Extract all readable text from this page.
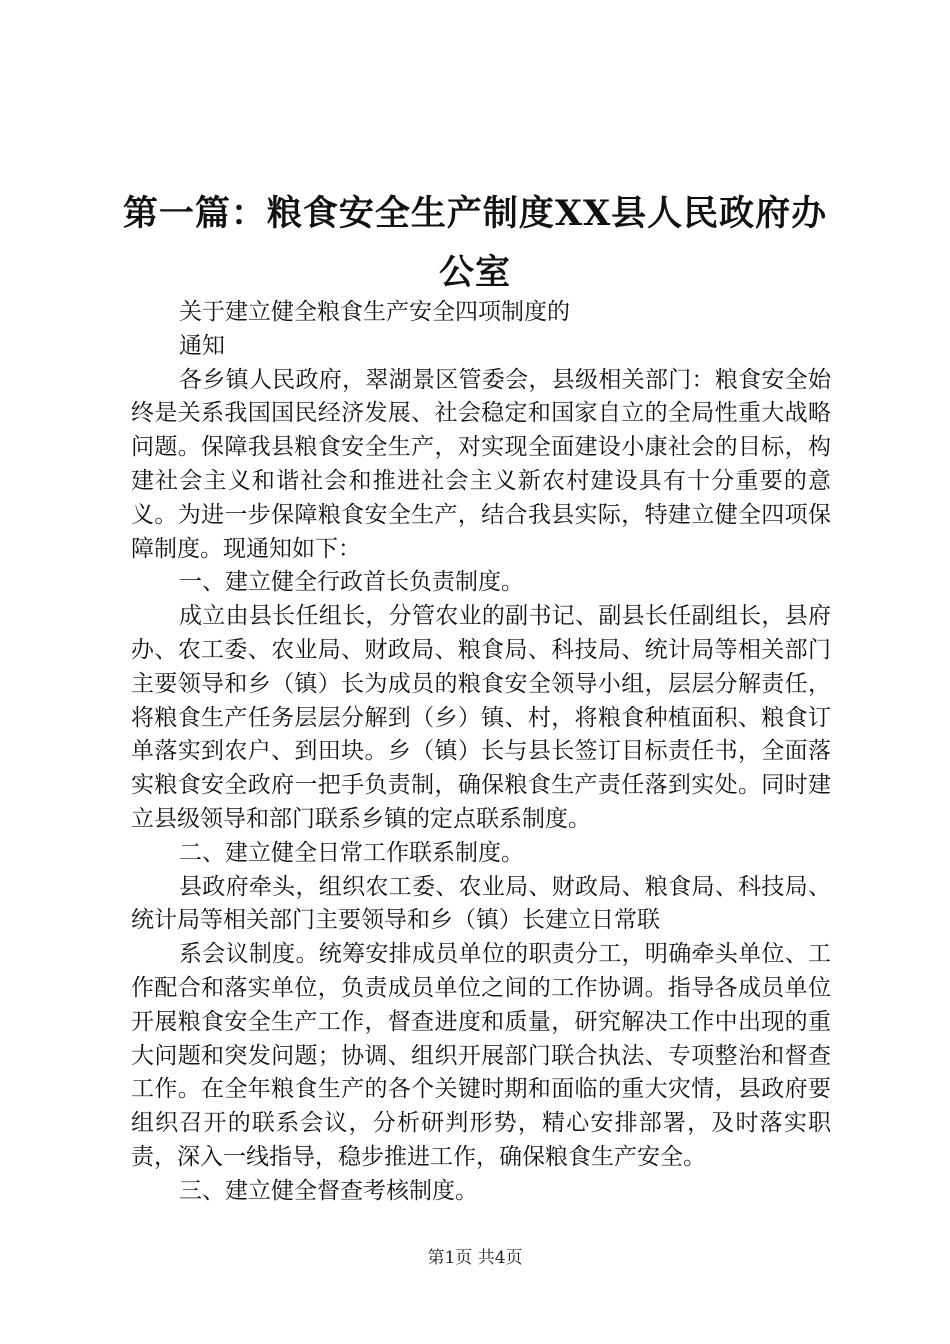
第一篇：粮食安全生产制度XX县人民政府办
公室

关于建立健全粮食生产安全四项制度的

通知

各乡镇人民政府，翠湖景区管委会，县级相关部门：粮食安全始终是关系我国国民经济发展、社会稳定和国家自立的全局性重大战略问题。保障我县粮食安全生产，对实现全面建设小康社会的目标，构建社会主义和谐社会和推进社会主义新农村建设具有十分重要的意义。为进一步保障粮食安全生产，结合我县实际，特建立健全四项保障制度。现通知如下：

一、建立健全行政首长负责制度。

成立由县长任组长，分管农业的副书记、副县长任副组长，县府办、农工委、农业局、财政局、粮食局、科技局、统计局等相关部门主要领导和乡（镇）长为成员的粮食安全领导小组，层层分解责任，将粮食生产任务层层分解到（乡）镇、村，将粮食种植面积、粮食订单落实到农户、到田块。乡（镇）长与县长签订目标责任书，全面落实粮食安全政府一把手负责制，确保粮食生产责任落到实处。同时建立县级领导和部门联系乡镇的定点联系制度。

二、建立健全日常工作联系制度。

县政府牵头，组织农工委、农业局、财政局、粮食局、科技局、统计局等相关部门主要领导和乡（镇）长建立日常联

系会议制度。统筹安排成员单位的职责分工，明确牵头单位、工作配合和落实单位，负责成员单位之间的工作协调。指导各成员单位开展粮食安全生产工作，督查进度和质量，研究解决工作中出现的重大问题和突发问题；协调、组织开展部门联合执法、专项整治和督查工作。在全年粮食生产的各个关键时期和面临的重大灾情，县政府要组织召开的联系会议，分析研判形势，精心安排部署，及时落实职责，深入一线指导，稳步推进工作，确保粮食生产安全。

三、建立健全督查考核制度。

第1页 共4页
